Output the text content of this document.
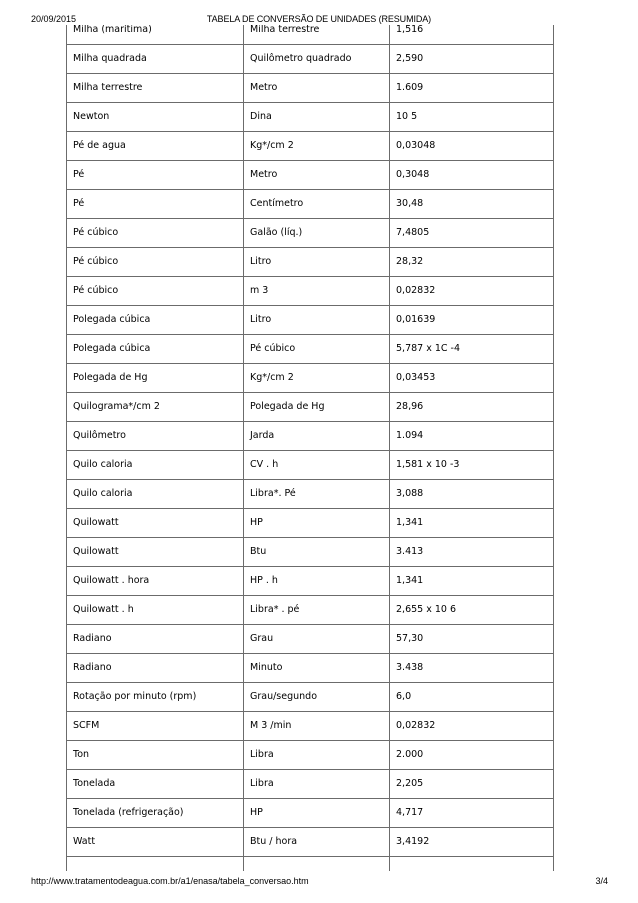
20/09/2015	TABELA DE CONVERSÃO DE UNIDADES (RESUMIDA)
Milha (marítima)	Milha terrestre	1,516
Milha quadrada	Quilômetro quadrado	2,590
Milha terrestre	Metro	1.609
Newton	Dina	10 5
Pé de agua	Kg*/cm 2	0,03048
Pé	Metro	0,3048
Pé	Centímetro	30,48
Pé cúbico	Galão (líq.)	7,4805
Pé cúbico	Litro	28,32
Pé cúbico	m 3	0,02832
Polegada cúbica	Litro	0,01639
Polegada cúbica	Pé cúbico	5,787 x 1C -4
Polegada de Hg	Kg*/cm 2	0,03453
Quilograma*/cm 2	Polegada de Hg	28,96
Quilômetro	Jarda	1.094
Quilo caloria	CV . h	1,581 x 10 -3
Quilo caloria	Libra*. Pé	3,088
Quilowatt	HP	1,341
Quilowatt	Btu	3.413
Quilowatt . hora	HP . h	1,341
Quilowatt . h	Libra* . pé	2,655 x 10 6
Radiano	Grau	57,30
Radiano	Minuto	3.438
Rotação por minuto (rpm)	Grau/segundo	6,0
SCFM	M 3 /min	0,02832
Ton	Libra	2.000
Tonelada	Libra	2,205
Tonelada (refrigeração)	HP	4,717
Watt	Btu / hora	3,4192
http://www.tratamentodeagua.com.br/a1/enasa/tabela_conversao.htm	3/4
